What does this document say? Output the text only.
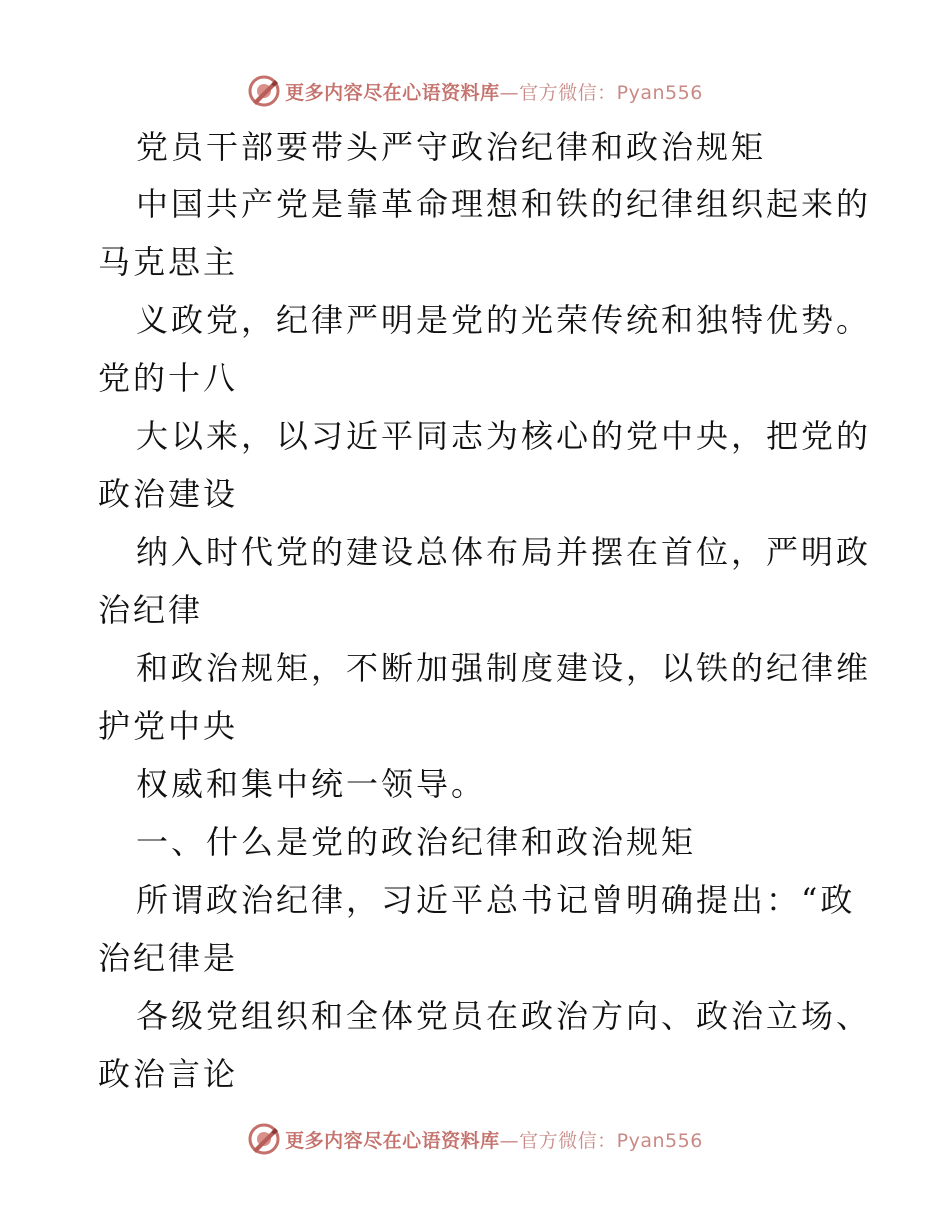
更多内容尽在心语资料库—官方微信：Pyan556
党员干部要带头严守政治纪律和政治规矩
中国共产党是靠革命理想和铁的纪律组织起来的
马克思主
义政党，纪律严明是党的光荣传统和独特优势。
党的十八
大以来，以习近平同志为核心的党中央，把党的
政治建设
纳入时代党的建设总体布局并摆在首位，严明政
治纪律
和政治规矩，不断加强制度建设，以铁的纪律维
护党中央
权威和集中统一领导。
一、什么是党的政治纪律和政治规矩
所谓政治纪律，习近平总书记曾明确提出：“政
治纪律是
各级党组织和全体党员在政治方向、政治立场、
政治言论
更多内容尽在心语资料库—官方微信：Pyan556
